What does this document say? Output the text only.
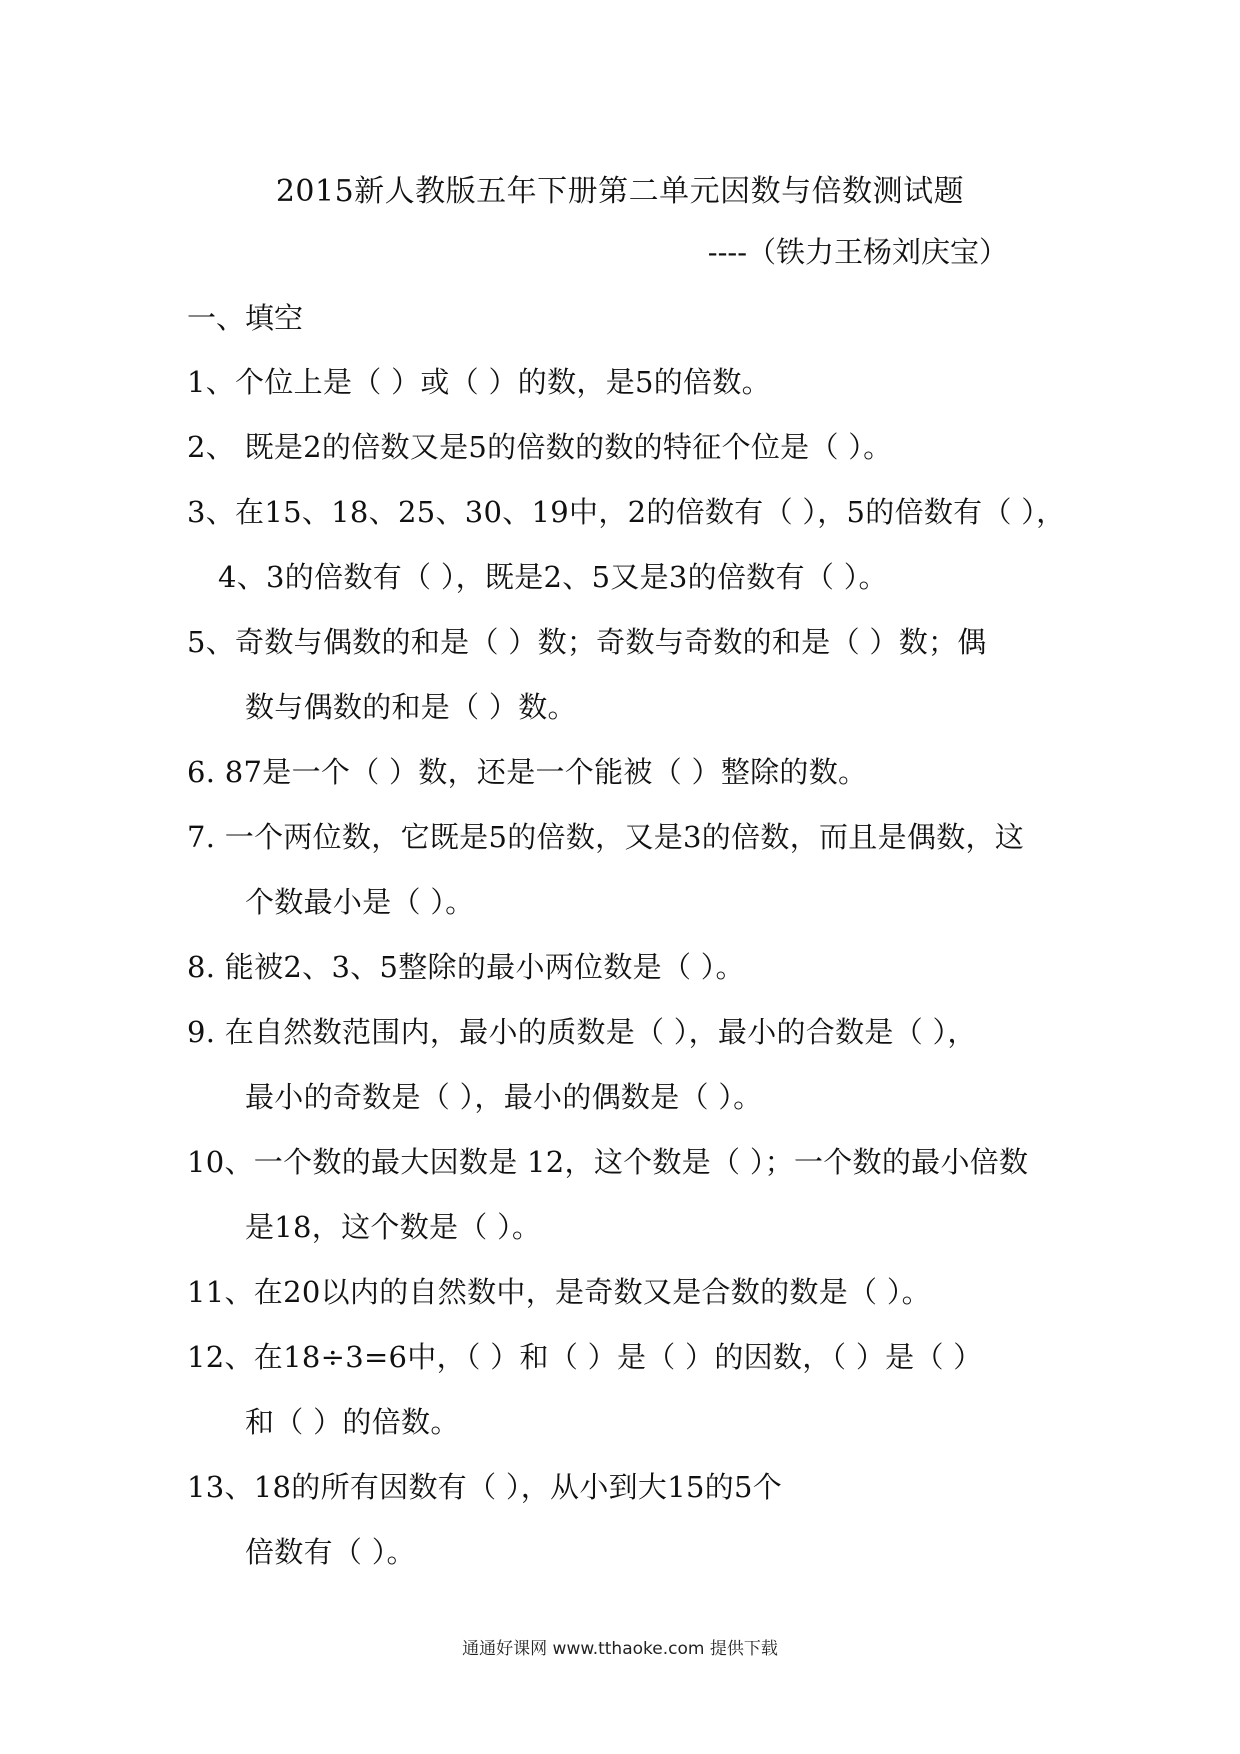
2015新人教版五年下册第二单元因数与倍数测试题
----（铁力王杨刘庆宝）
一、填空
1、个位上是（ ）或（ ）的数，是5的倍数。
2、 既是2的倍数又是5的倍数的数的特征个位是（ ）。
3、在15、18、25、30、19中，2的倍数有（ ），5的倍数有（ ），
4、3的倍数有（ ），既是2、5又是3的倍数有（ ）。
5、奇数与偶数的和是（ ）数；奇数与奇数的和是（ ）数；偶
数与偶数的和是（ ）数。
6. 87是一个（ ）数，还是一个能被（ ）整除的数。
7. 一个两位数，它既是5的倍数，又是3的倍数，而且是偶数，这
个数最小是（ ）。
8. 能被2、3、5整除的最小两位数是（ ）。
9. 在自然数范围内，最小的质数是（ ），最小的合数是（ ），
最小的奇数是（ ），最小的偶数是（ ）。
10、一个数的最大因数是 12，这个数是（ ）；一个数的最小倍数
是18，这个数是（ ）。
11、在20以内的自然数中，是奇数又是合数的数是（ ）。
12、在18÷3=6中，（ ）和（ ）是（ ）的因数，（ ）是（ ）
和（ ）的倍数。
13、18的所有因数有（ ），从小到大15的5个
倍数有（ ）。
通通好课网 www.tthaoke.com 提供下载
